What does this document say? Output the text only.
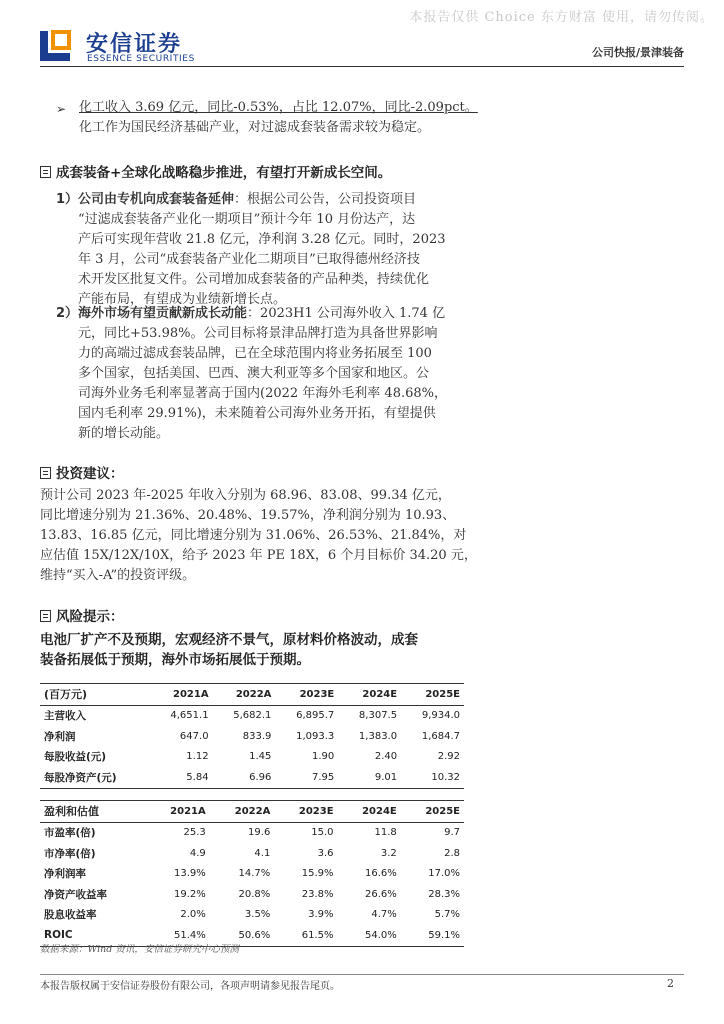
本报告仅供 Choice 东方财富 使用，请勿传阅。
安信证券
ESSENCE SECURITIES	公司快报/景津装备
➢ 化工收入 3.69 亿元，同比-0.53%，占比 12.07%，同比-2.09pct。
化工作为国民经济基础产业，对过滤成套装备需求较为稳定。
成套装备+全球化战略稳步推进，有望打开新成长空间。
1）公司由专机向成套装备延伸：根据公司公告，公司投资项目
“过滤成套装备产业化一期项目”预计今年 10 月份达产，达
产后可实现年营收 21.8 亿元，净利润 3.28 亿元。同时，2023
年 3 月，公司“成套装备产业化二期项目”已取得德州经济技
术开发区批复文件。公司增加成套装备的产品种类，持续优化
产能布局，有望成为业绩新增长点。
2）海外市场有望贡献新成长动能：2023H1 公司海外收入 1.74 亿
元，同比+53.98%。公司目标将景津品牌打造为具备世界影响
力的高端过滤成套装品牌，已在全球范围内将业务拓展至 100
多个国家，包括美国、巴西、澳大利亚等多个国家和地区。公
司海外业务毛利率显著高于国内(2022 年海外毛利率 48.68%，
国内毛利率 29.91%)，未来随着公司海外业务开拓，有望提供
新的增长动能。
投资建议：
预计公司 2023 年-2025 年收入分别为 68.96、83.08、99.34 亿元，
同比增速分别为 21.36%、20.48%、19.57%，净利润分别为 10.93、
13.83、16.85 亿元，同比增速分别为 31.06%、26.53%、21.84%，对
应估值 15X/12X/10X，给予 2023 年 PE 18X，6 个月目标价 34.20 元，
维持“买入-A”的投资评级。
风险提示：
电池厂扩产不及预期，宏观经济不景气，原材料价格波动，成套
装备拓展低于预期，海外市场拓展低于预期。
(百万元)	2021A	2022A	2023E	2024E	2025E
主营收入	4,651.1	5,682.1	6,895.7	8,307.5	9,934.0
净利润	647.0	833.9	1,093.3	1,383.0	1,684.7
每股收益(元)	1.12	1.45	1.90	2.40	2.92
每股净资产(元)	5.84	6.96	7.95	9.01	10.32
盈利和估值	2021A	2022A	2023E	2024E	2025E
市盈率(倍)	25.3	19.6	15.0	11.8	9.7
市净率(倍)	4.9	4.1	3.6	3.2	2.8
净利润率	13.9%	14.7%	15.9%	16.6%	17.0%
净资产收益率	19.2%	20.8%	23.8%	26.6%	28.3%
股息收益率	2.0%	3.5%	3.9%	4.7%	5.7%
ROIC	51.4%	50.6%	61.5%	54.0%	59.1%
数据来源：Wind 资讯，安信证券研究中心预测
本报告版权属于安信证券股份有限公司，各项声明请参见报告尾页。	2
